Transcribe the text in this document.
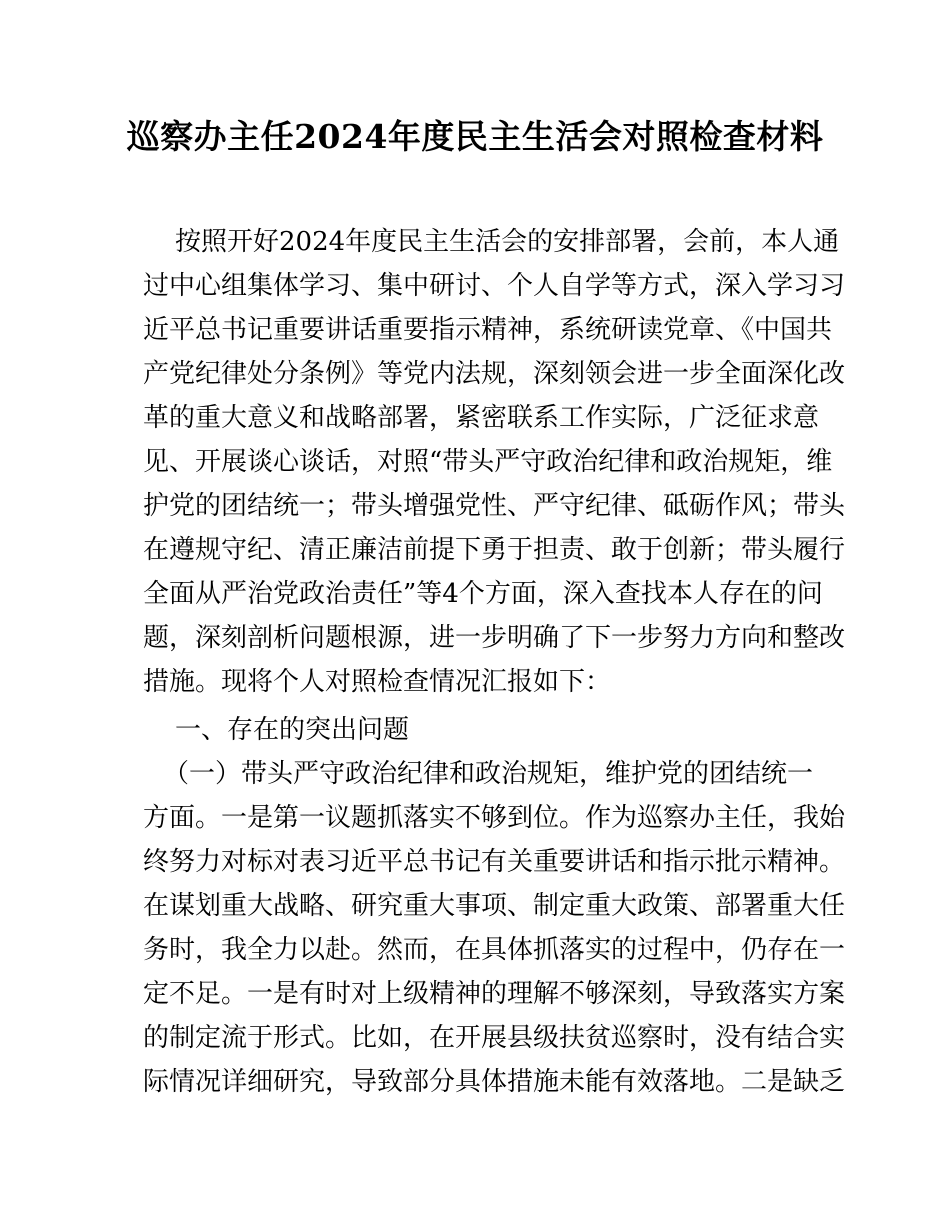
巡察办主任2024年度民主生活会对照检查材料
按照开好2024年度民主生活会的安排部署，会前，本人通
过中心组集体学习、集中研讨、个人自学等方式，深入学习习
近平总书记重要讲话重要指示精神，系统研读党章、《中国共
产党纪律处分条例》等党内法规，深刻领会进一步全面深化改
革的重大意义和战略部署，紧密联系工作实际，广泛征求意
见、开展谈心谈话，对照“带头严守政治纪律和政治规矩，维
护党的团结统一；带头增强党性、严守纪律、砥砺作风；带头
在遵规守纪、清正廉洁前提下勇于担责、敢于创新；带头履行
全面从严治党政治责任”等4个方面，深入查找本人存在的问
题，深刻剖析问题根源，进一步明确了下一步努力方向和整改
措施。现将个人对照检查情况汇报如下：
一、存在的突出问题
（一）带头严守政治纪律和政治规矩，维护党的团结统一
方面。一是第一议题抓落实不够到位。作为巡察办主任，我始
终努力对标对表习近平总书记有关重要讲话和指示批示精神。
在谋划重大战略、研究重大事项、制定重大政策、部署重大任
务时，我全力以赴。然而，在具体抓落实的过程中，仍存在一
定不足。一是有时对上级精神的理解不够深刻，导致落实方案
的制定流于形式。比如，在开展县级扶贫巡察时，没有结合实
际情况详细研究，导致部分具体措施未能有效落地。二是缺乏
